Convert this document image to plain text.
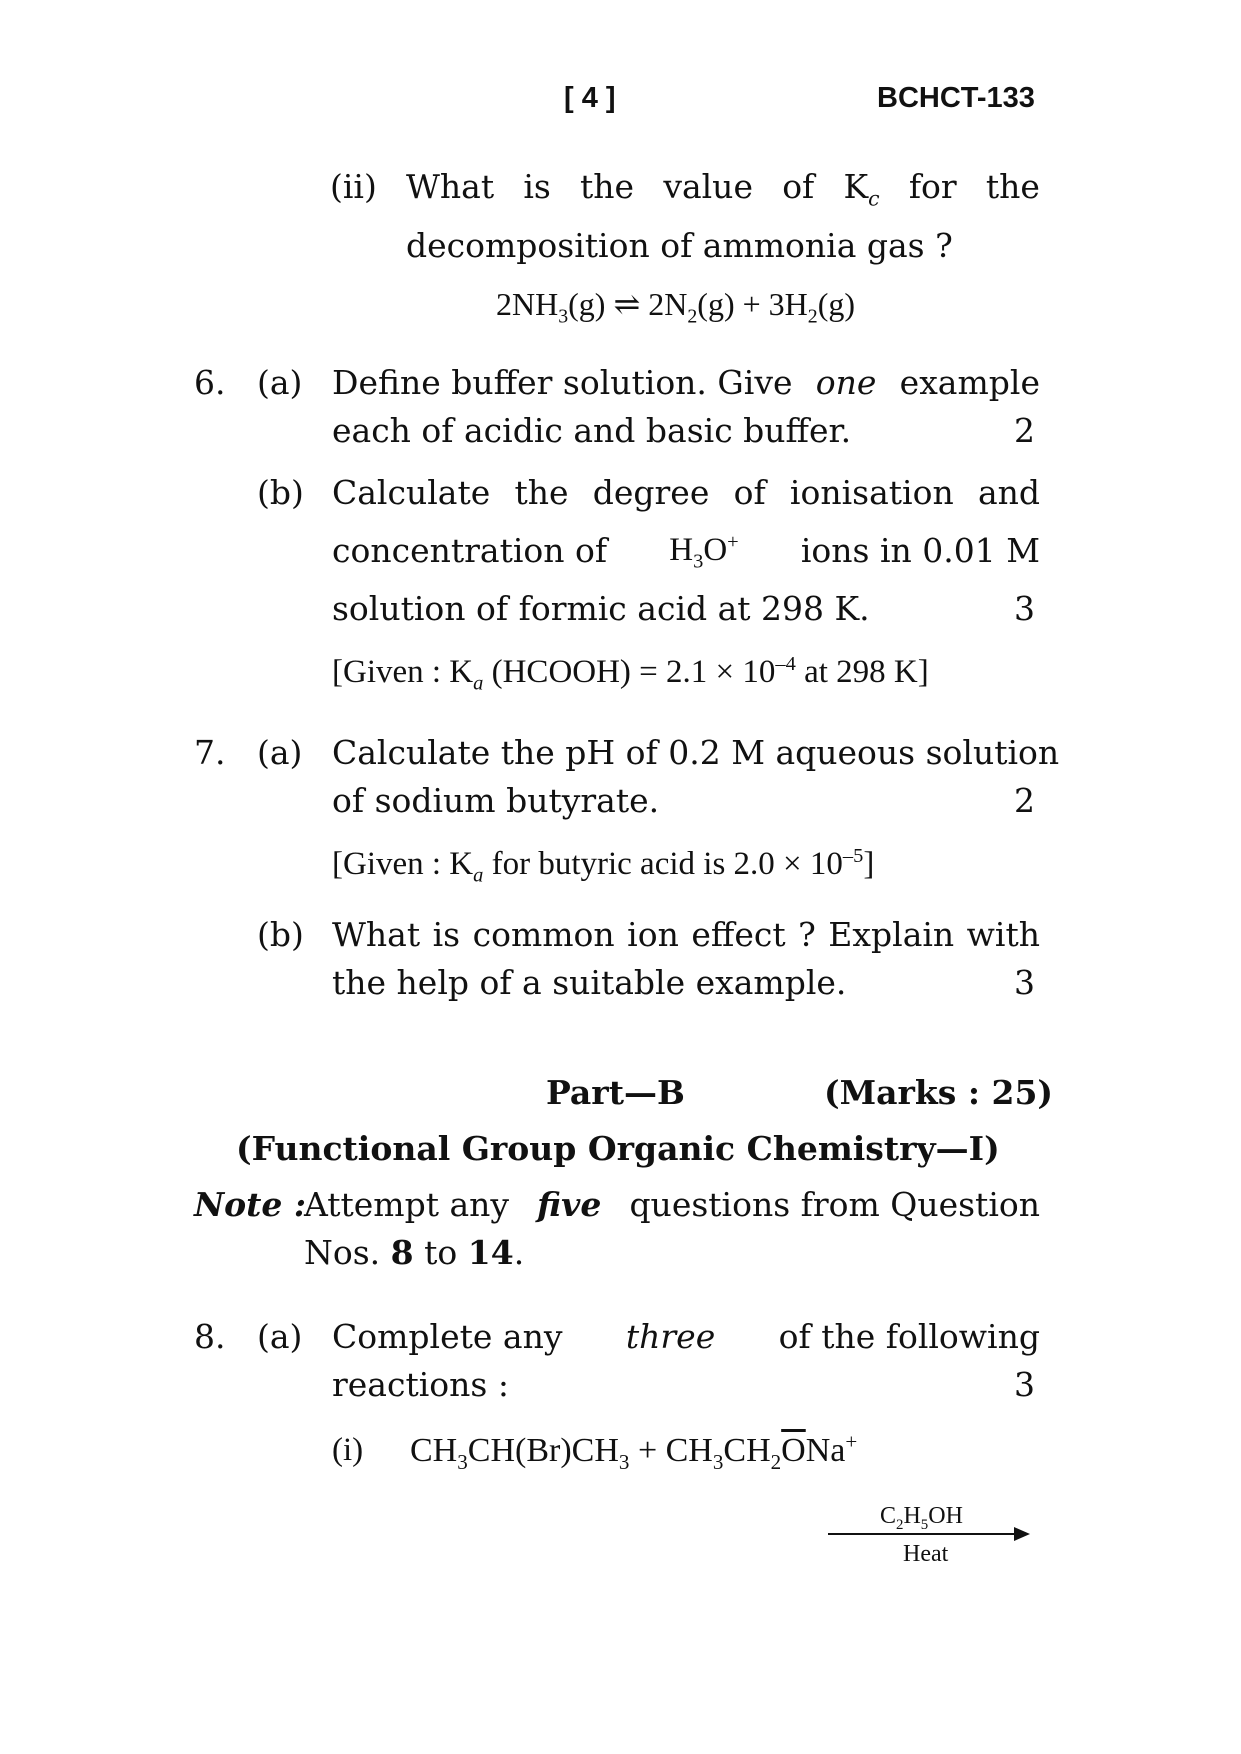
[ 4 ]	BCHCT-133
(ii) What is the value of $K_c$ for the
decomposition of ammonia gas ?
$2NH_3(g)$ ⇌ $2N_2(g) + 3H_2(g)$
6. (a) Define buffer solution. Give one example
each of acidic and basic buffer.	2
(b) Calculate the degree of ionisation and
concentration of $H_3O^+$ ions in 0.01 M
solution of formic acid at 298 K.	3
[Given : $K_a$ (HCOOH) = $2.1 \times 10^{-4}$ at 298 K]
7. (a) Calculate the pH of 0.2 M aqueous solution
of sodium butyrate.	2
[Given : $K_a$ for butyric acid is $2.0 \times 10^{-5}$]
(b) What is common ion effect ? Explain with
the help of a suitable example.	3
Part—B	(Marks : 25)
(Functional Group Organic Chemistry—I)
Note :
Attempt any five questions from Question
Nos. 8 to 14.
8. (a) Complete any three of the following
reactions :	3
(i) $CH_3CH(Br)CH_3 + CH_3CH_2\overline{O}Na^+$
$C_2H_5OH$
Heat
